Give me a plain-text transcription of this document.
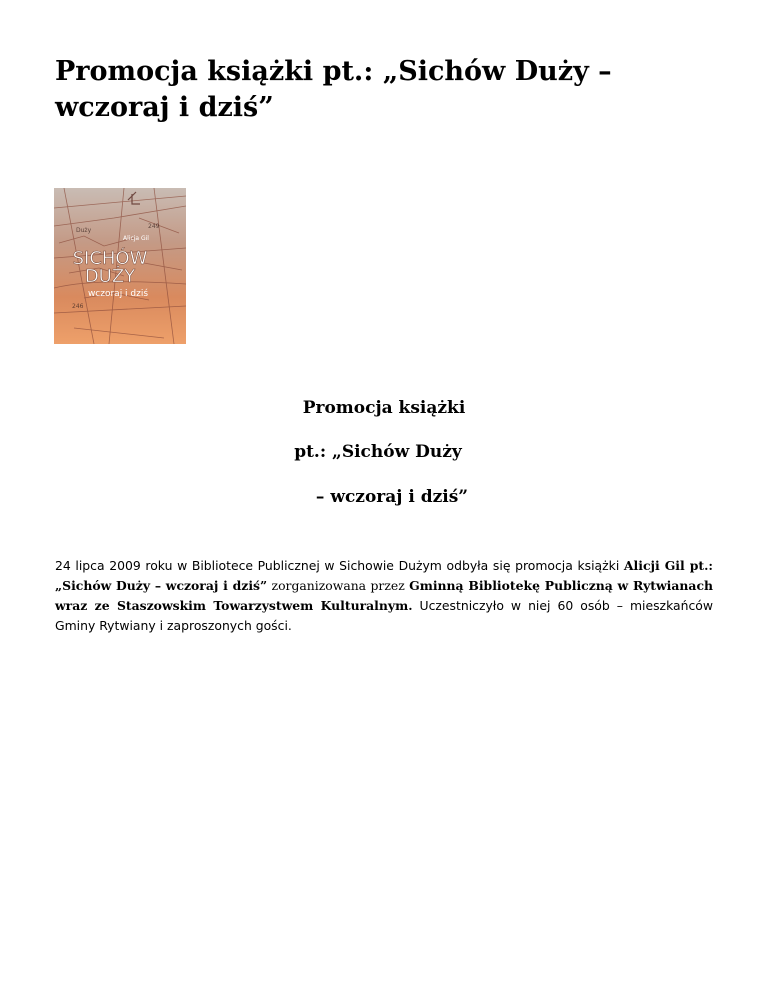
Promocja książki pt.: „Sichów Duży – wczoraj i dziś”
Duży
249
246
Alicja Gil
SICHÓW
DUŻY
wczoraj i dziś

Promocja książki

pt.: „Sichów Duży

– wczoraj i dziś”

24 lipca 2009 roku w Bibliotece Publicznej w Sichowie Dużym odbyła się promocja książki Alicji Gil pt.: „Sichów Duży – wczoraj i dziś” zorganizowana przez Gminną Bibliotekę Publiczną w Rytwianach wraz ze Staszowskim Towarzystwem Kulturalnym. Uczestniczyło w niej 60 osób – mieszkańców Gminy Rytwiany i zaproszonych gości.
